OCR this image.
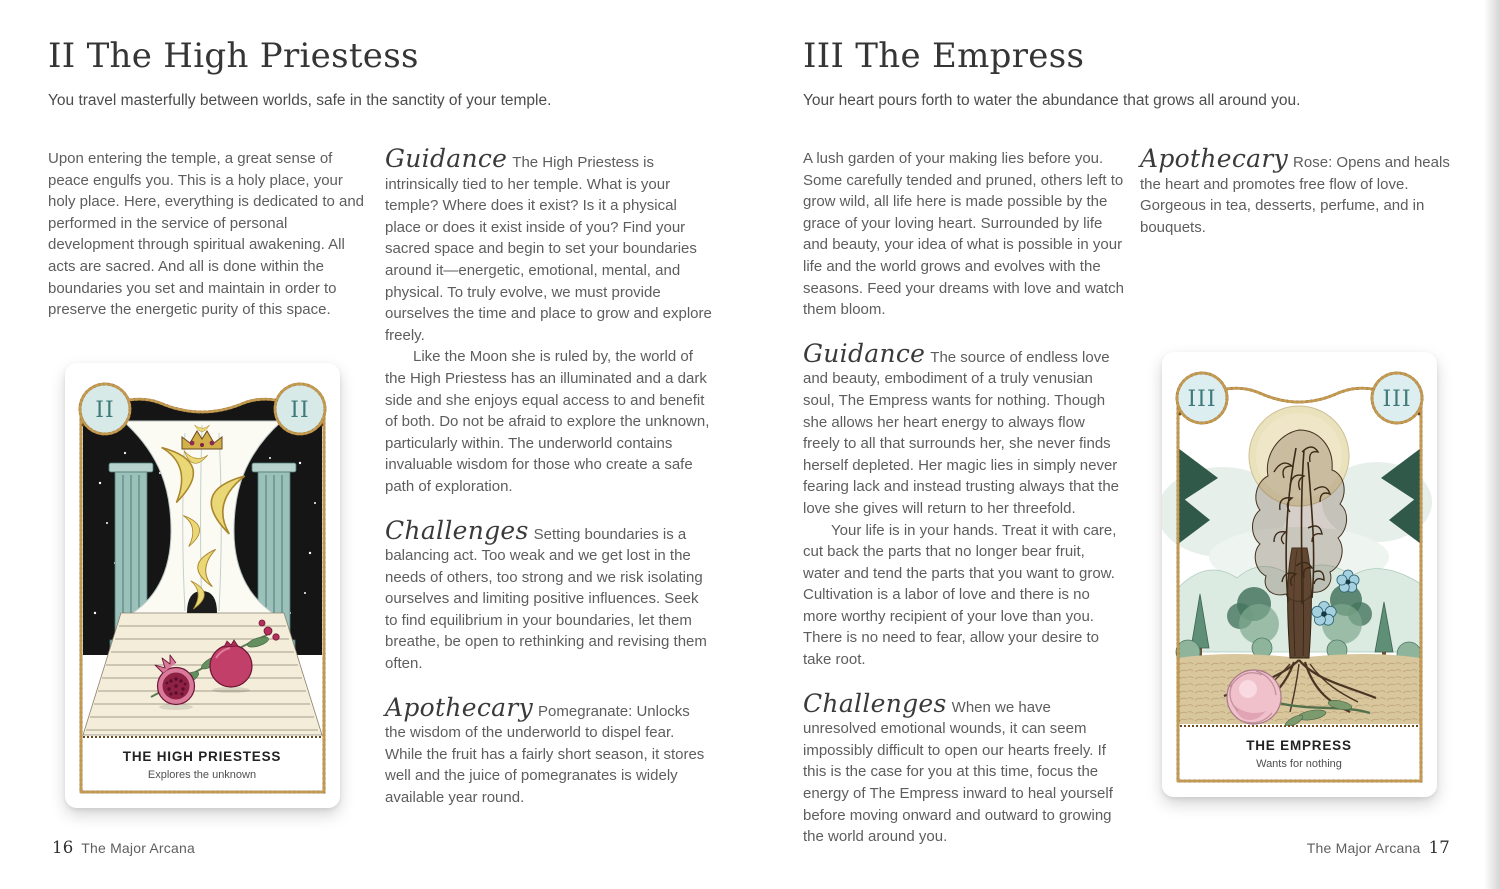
II The High Priestess

You travel masterfully between worlds, safe in the sanctity of your temple.

Upon entering the temple, a great sense of peace engulfs you. This is a holy place, your holy place. Here, everything is dedicated to and performed in the service of personal development through spiritual awakening. All acts are sacred. And all is done within the boundaries you set and maintain in order to preserve the energetic purity of this space.

II	II
THE HIGH PRIESTESS
Explores the unknown

Guidance The High Priestess is intrinsically tied to her temple. What is your temple? Where does it exist? Is it a physical place or does it exist inside of you? Find your sacred space and begin to set your boundaries around it—energetic, emotional, mental, and physical. To truly evolve, we must provide ourselves the time and place to grow and explore freely.

Like the Moon she is ruled by, the world of the High Priestess has an illuminated and a dark side and she enjoys equal access to and benefit of both. Do not be afraid to explore the unknown, particularly within. The underworld contains invaluable wisdom for those who create a safe path of exploration.

Challenges Setting boundaries is a balancing act. Too weak and we get lost in the needs of others, too strong and we risk isolating ourselves and limiting positive influences. Seek to find equilibrium in your boundaries, let them breathe, be open to rethinking and revising them often.

Apothecary Pomegranate: Unlocks the wisdom of the underworld to dispel fear. While the fruit has a fairly short season, it stores well and the juice of pomegranates is widely available year round.

16 The Major Arcana
III The Empress

Your heart pours forth to water the abundance that grows all around you.

A lush garden of your making lies before you. Some carefully tended and pruned, others left to grow wild, all life here is made possible by the grace of your loving heart. Surrounded by life and beauty, your idea of what is possible in your life and the world grows and evolves with the seasons. Feed your dreams with love and watch them bloom.

Guidance The source of endless love and beauty, embodiment of a truly venusian soul, The Empress wants for nothing. Though she allows her heart energy to always flow freely to all that surrounds her, she never finds herself depleted. Her magic lies in simply never fearing lack and instead trusting always that the love she gives will return to her threefold.

Your life is in your hands. Treat it with care, cut back the parts that no longer bear fruit, water and tend the parts that you want to grow. Cultivation is a labor of love and there is no more worthy recipient of your love than you. There is no need to fear, allow your desire to take root.

Challenges When we have unresolved emotional wounds, it can seem impossibly difficult to open our hearts freely. If this is the case for you at this time, focus the energy of The Empress inward to heal yourself before moving onward and outward to growing the world around you.

Apothecary Rose: Opens and heals the heart and promotes free flow of love. Gorgeous in tea, desserts, perfume, and in bouquets.

III	III
THE EMPRESS
Wants for nothing
The Major Arcana 17
